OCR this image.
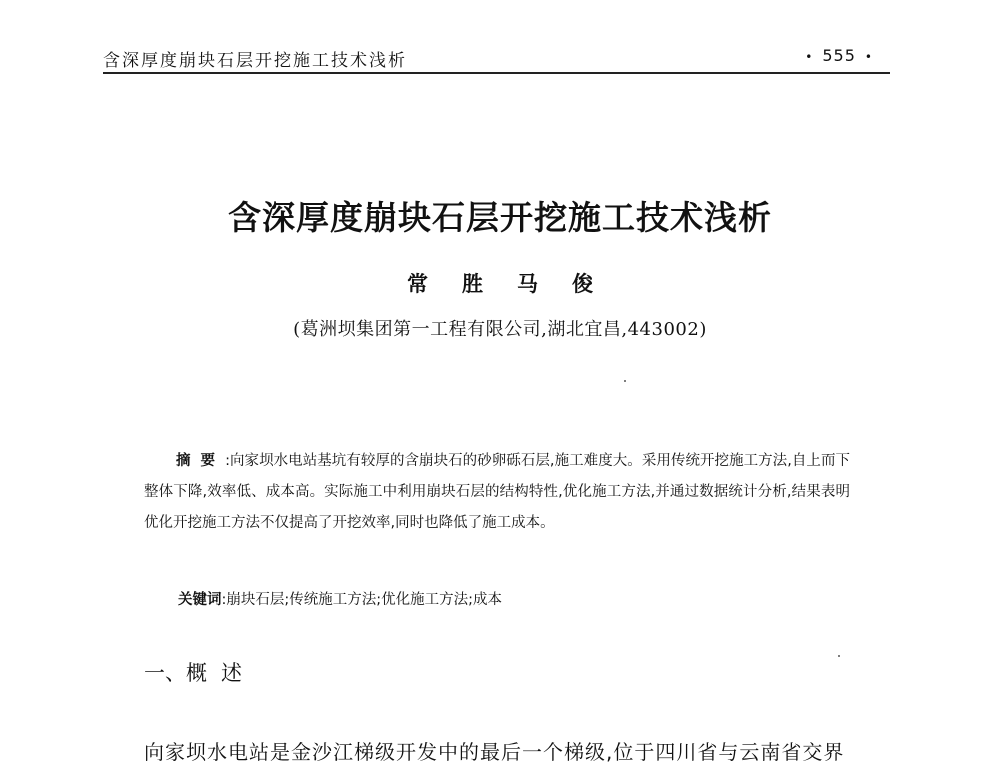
含深厚度崩块石层开挖施工技术浅析	• 555 •
含深厚度崩块石层开挖施工技术浅析
常 胜 马 俊
(葛洲坝集团第一工程有限公司,湖北宜昌,443002)
摘要:向家坝水电站基坑有较厚的含崩块石的砂卵砾石层,施工难度大。采用传统开挖施工方法,自上而下整体下降,效率低、成本高。实际施工中利用崩块石层的结构特性,优化施工方法,并通过数据统计分析,结果表明优化开挖施工方法不仅提高了开挖效率,同时也降低了施工成本。
关键词:崩块石层;传统施工方法;优化施工方法;成本
一、概述
向家坝水电站是金沙江梯级开发中的最后一个梯级,位于四川省与云南省交界
